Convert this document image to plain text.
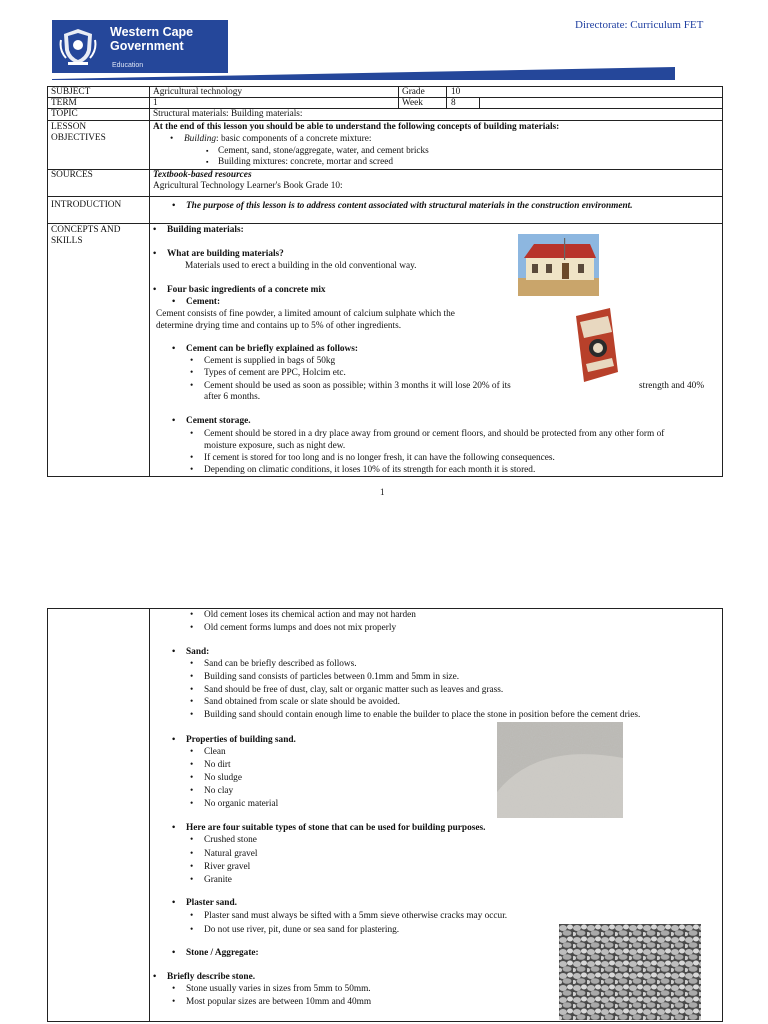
Western Cape
Government
Education
Directorate: Curriculum FET
SUBJECT	Agricultural technology	Grade	10
TERM	1	Week	8
TOPIC	Structural materials: Building materials:
LESSON
OBJECTIVES
At the end of this lesson you should be able to understand the following concepts of building materials:
• Building: basic components of a concrete mixture:
▪ Cement, sand, stone/aggregate, water, and cement bricks
▪ Building mixtures: concrete, mortar and screed
SOURCES	Textbook-based resources
Agricultural Technology Learner's Book Grade 10:
INTRODUCTION
•	The purpose of this lesson is to address content associated with structural materials in the construction environment.
CONCEPTS AND
SKILLS
• Building materials:
• What are building materials?
Materials used to erect a building in the old conventional way.
• Four basic ingredients of a concrete mix
• Cement:
Cement consists of fine powder, a limited amount of calcium sulphate which the
determine drying time and contains up to 5% of other ingredients.
• Cement can be briefly explained as follows:
• Cement is supplied in bags of 50kg
• Types of cement are PPC, Holcim etc.
• Cement should be used as soon as possible; within 3 months it will lose 20% of its	strength and 40%
after 6 months.
• Cement storage.
• Cement should be stored in a dry place away from ground or cement floors, and should be protected from any other form of
moisture exposure, such as night dew.
• If cement is stored for too long and is no longer fresh, it can have the following consequences.
• Depending on climatic conditions, it loses 10% of its strength for each month it is stored.
1
• Old cement loses its chemical action and may not harden
• Old cement forms lumps and does not mix properly
• Sand:
• Sand can be briefly described as follows.
• Building sand consists of particles between 0.1mm and 5mm in size.
• Sand should be free of dust, clay, salt or organic matter such as leaves and grass.
• Sand obtained from scale or slate should be avoided.
• Building sand should contain enough lime to enable the builder to place the stone in position before the cement dries.
• Properties of building sand.
• Clean
• No dirt
• No sludge
• No clay
• No organic material
• Here are four suitable types of stone that can be used for building purposes.
• Crushed stone
• Natural gravel
• River gravel
• Granite
• Plaster sand.
• Plaster sand must always be sifted with a 5mm sieve otherwise cracks may occur.
• Do not use river, pit, dune or sea sand for plastering.
• Stone / Aggregate:
• Briefly describe stone.
• Stone usually varies in sizes from 5mm to 50mm.
• Most popular sizes are between 10mm and 40mm
